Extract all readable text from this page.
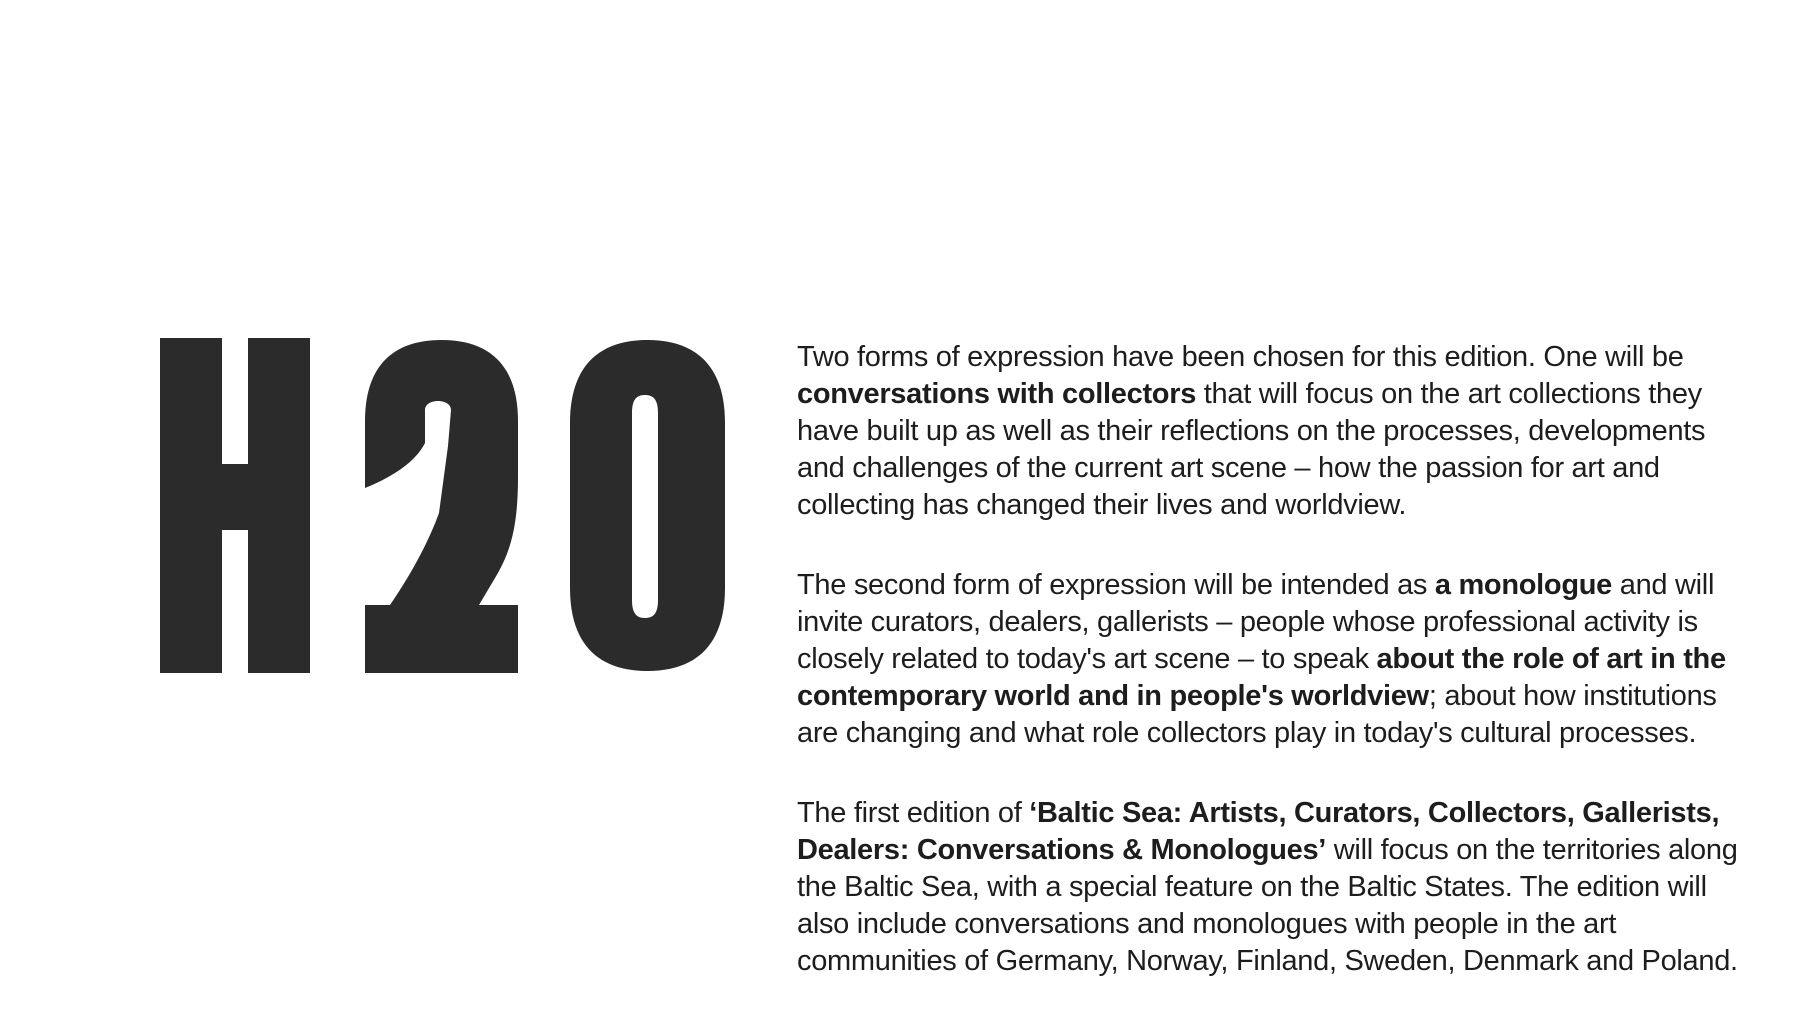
Two forms of expression have been chosen for this edition. One will be
conversations with collectors that will focus on the art collections they
have built up as well as their reflections on the processes, developments
and challenges of the current art scene – how the passion for art and
collecting has changed their lives and worldview.

The second form of expression will be intended as a monologue and will
invite curators, dealers, gallerists – people whose professional activity is
closely related to today's art scene – to speak about the role of art in the
contemporary world and in people's worldview; about how institutions
are changing and what role collectors play in today's cultural processes.

The first edition of ‘Baltic Sea: Artists, Curators, Collectors, Gallerists,
Dealers: Conversations & Monologues’ will focus on the territories along
the Baltic Sea, with a special feature on the Baltic States. The edition will
also include conversations and monologues with people in the art
communities of Germany, Norway, Finland, Sweden, Denmark and Poland.
